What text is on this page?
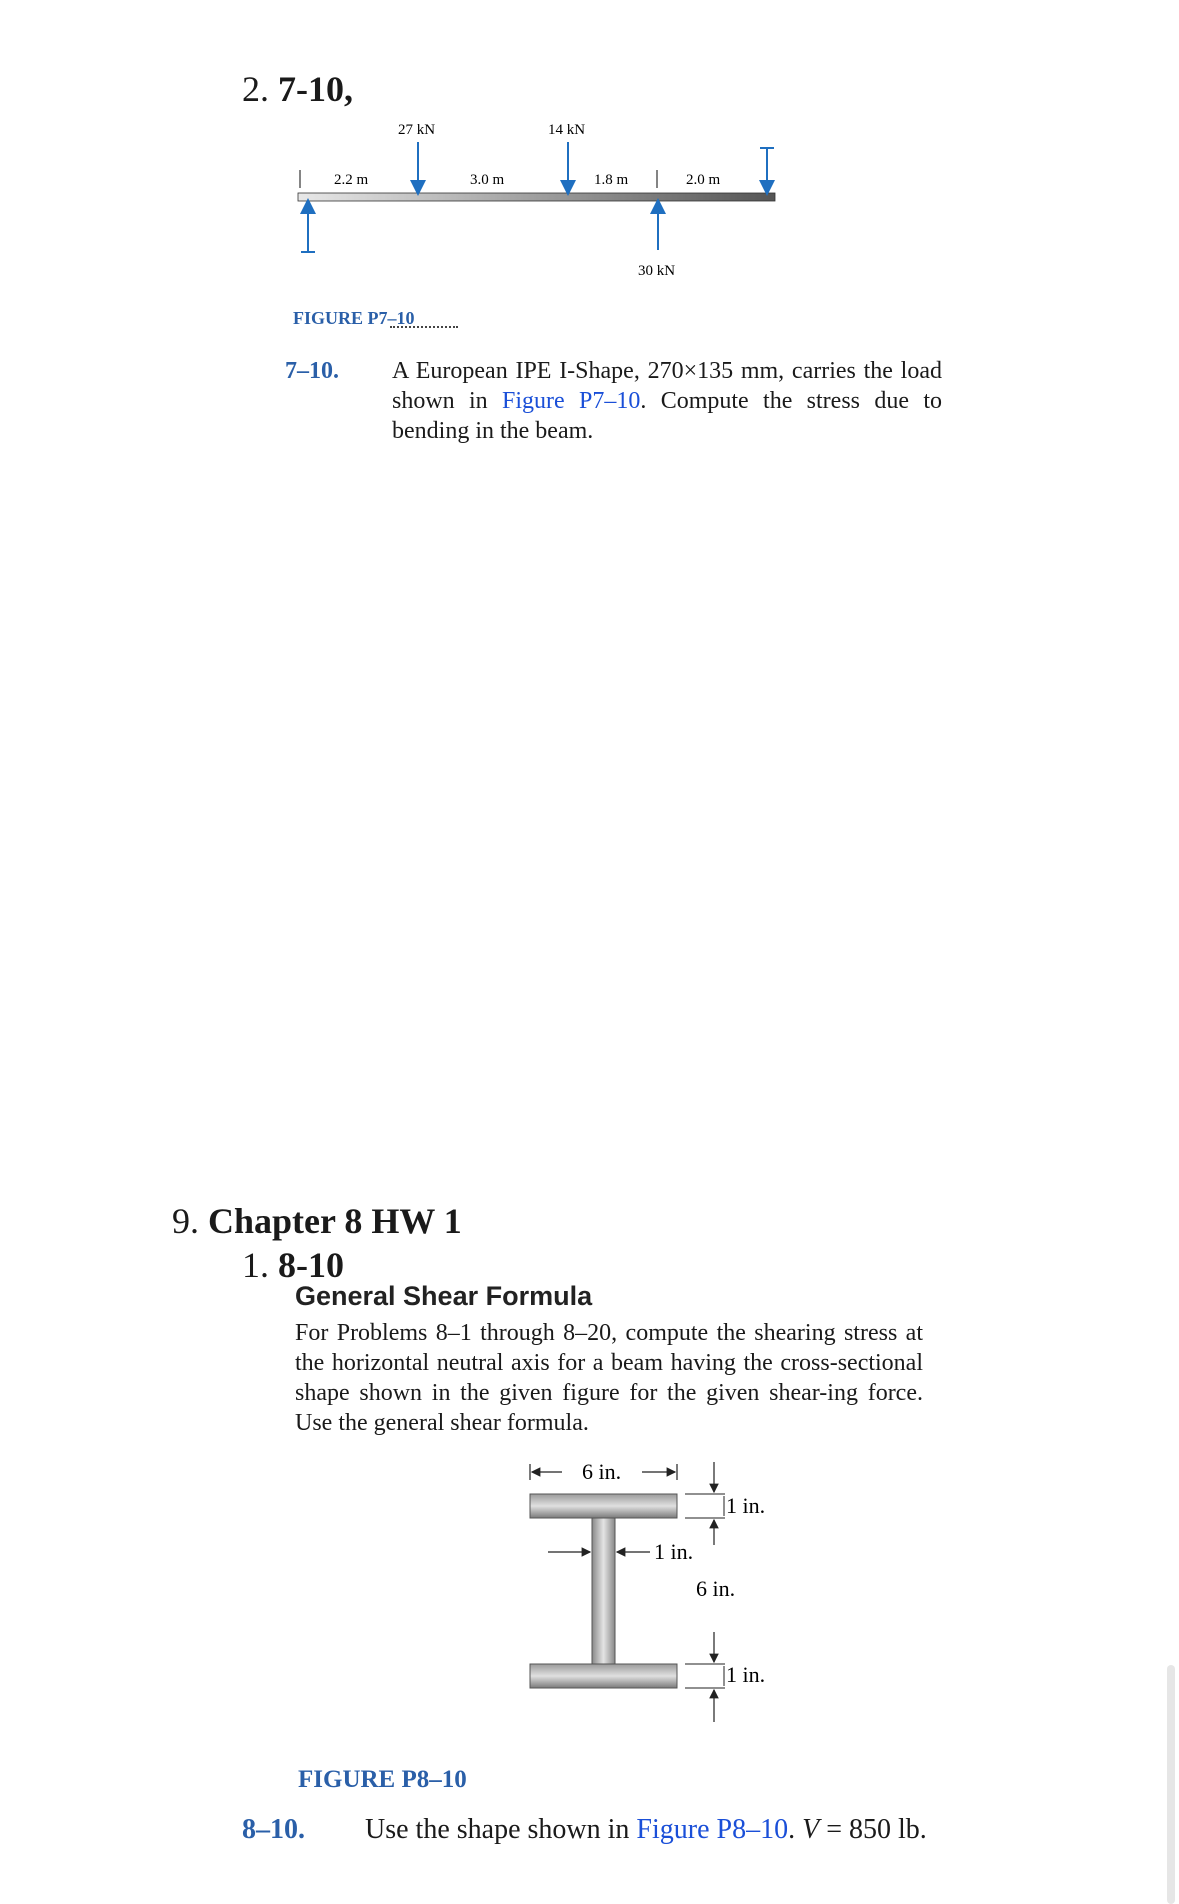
2. 7-10,
27 kN	14 kN
30 kN
2.2 m	3.0 m	1.8 m	2.0 m
FIGURE P7–10
7–10. A European IPE I-Shape, 270×135 mm, carries the load shown in Figure P7–10. Compute the stress due to bending in the beam.
9. Chapter 8 HW 1
1. 8-10
General Shear Formula
For Problems 8–1 through 8–20, compute the shearing stress at the horizontal neutral axis for a beam having the cross-sectional shape shown in the given figure for the given shear-ing force. Use the general shear formula.
6 in.
1 in.
1 in.
6 in.
1 in.
FIGURE P8–10
8–10. Use the shape shown in Figure P8–10. V = 850 lb.
